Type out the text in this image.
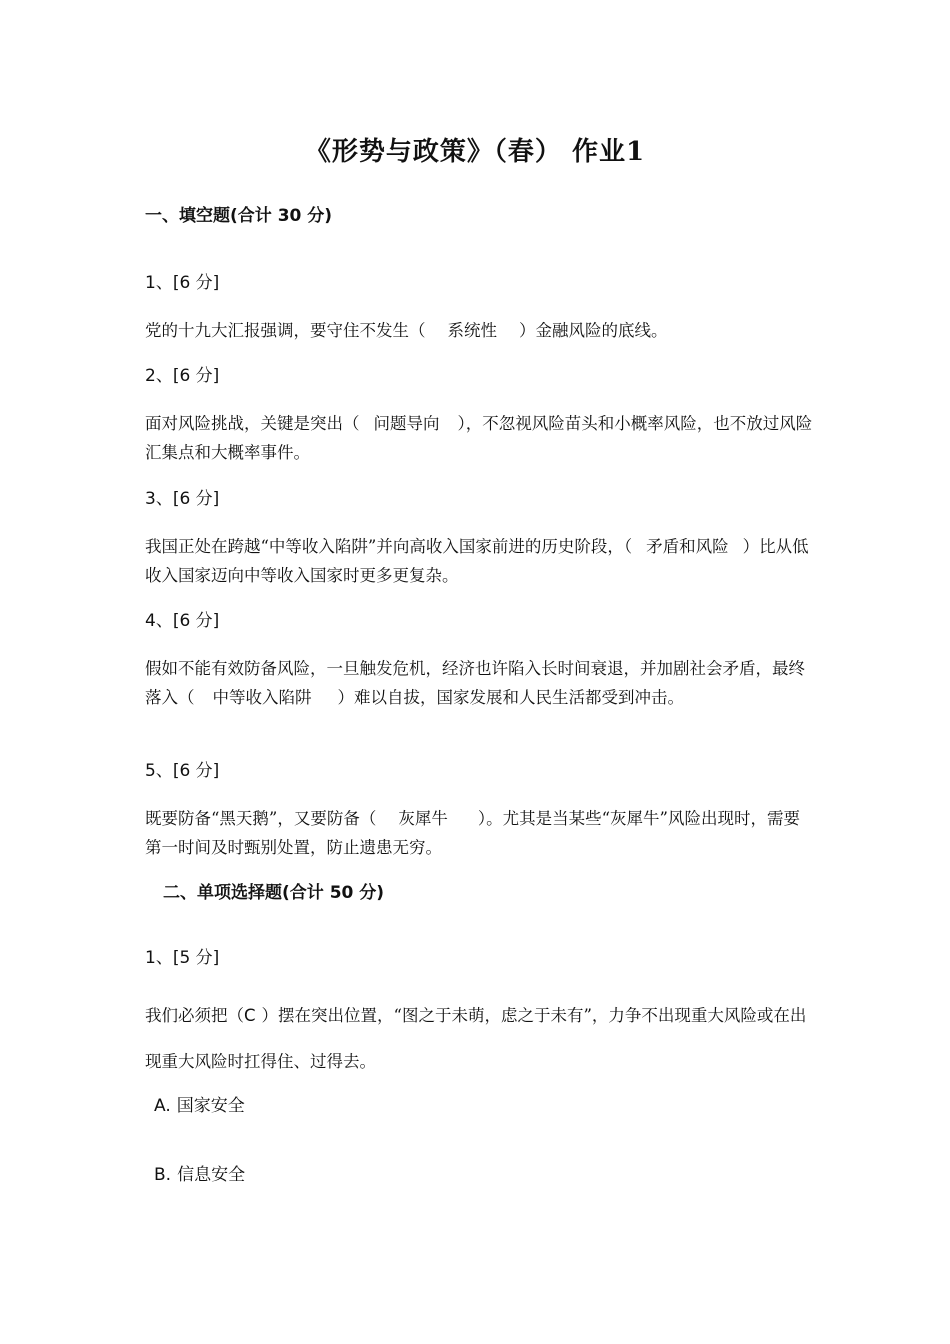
《形势与政策》（春） 作业1
一、填空题(合计 30 分)
1、[6 分]
党的十九大汇报强调，要守住不发生（ 系统性 ）金融风险的底线。
2、[6 分]
面对风险挑战，关键是突出（ 问题导向 ），不忽视风险苗头和小概率风险，也不放过风险汇集点和大概率事件。
3、[6 分]
我国正处在跨越“中等收入陷阱”并向高收入国家前进的历史阶段，（ 矛盾和风险 ）比从低收入国家迈向中等收入国家时更多更复杂。
4、[6 分]
假如不能有效防备风险，一旦触发危机，经济也许陷入长时间衰退，并加剧社会矛盾，最终落入（ 中等收入陷阱 ）难以自拔，国家发展和人民生活都受到冲击。
5、[6 分]
既要防备“黑天鹅”，又要防备（ 灰犀牛 ）。尤其是当某些“灰犀牛”风险出现时，需要第一时间及时甄别处置，防止遗患无穷。
二、单项选择题(合计 50 分)
1、[5 分]
我们必须把（C ）摆在突出位置，“图之于未萌，虑之于未有”，力争不出现重大风险或在出现重大风险时扛得住、过得去。
A. 国家安全
B. 信息安全
